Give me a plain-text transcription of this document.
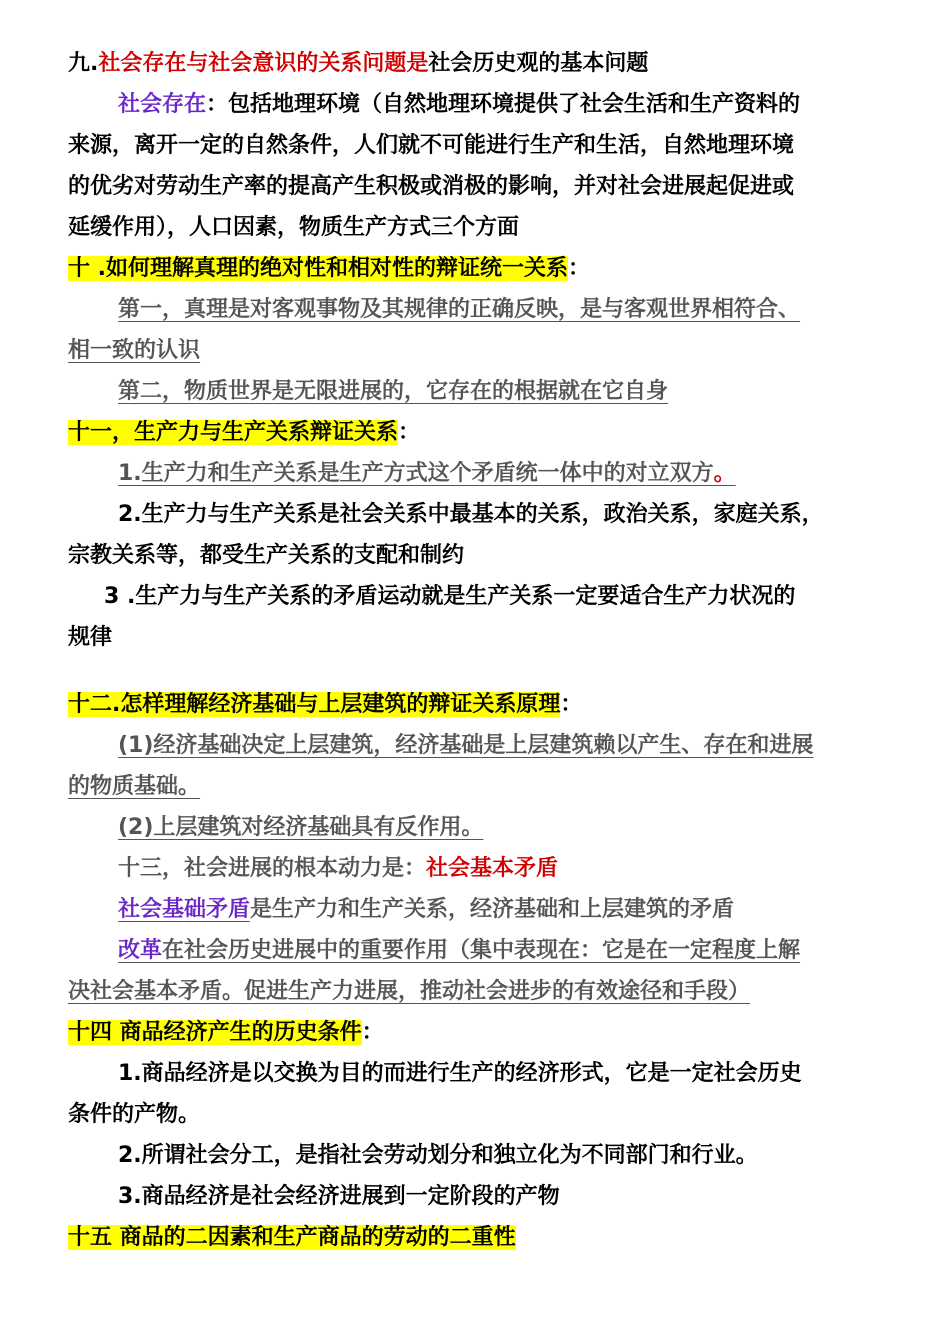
九.社会存在与社会意识的关系问题是社会历史观的基本问题
社会存在：包括地理环境（自然地理环境提供了社会生活和生产资料的
来源，离开一定的自然条件，人们就不可能进行生产和生活，自然地理环境
的优劣对劳动生产率的提高产生积极或消极的影响，并对社会进展起促进或
延缓作用），人口因素，物质生产方式三个方面
十 .如何理解真理的绝对性和相对性的辩证统一关系：
第一，真理是对客观事物及其规律的正确反映，是与客观世界相符合、
相一致的认识
第二，物质世界是无限进展的，它存在的根据就在它自身
十一，生产力与生产关系辩证关系：
1.生产力和生产关系是生产方式这个矛盾统一体中的对立双方。
2.生产力与生产关系是社会关系中最基本的关系，政治关系，家庭关系，
宗教关系等，都受生产关系的支配和制约
3 .生产力与生产关系的矛盾运动就是生产关系一定要适合生产力状况的
规律
十二.怎样理解经济基础与上层建筑的辩证关系原理：
(1)经济基础决定上层建筑，经济基础是上层建筑赖以产生、存在和进展
的物质基础。
(2)上层建筑对经济基础具有反作用。
十三，社会进展的根本动力是：社会基本矛盾
社会基础矛盾是生产力和生产关系，经济基础和上层建筑的矛盾
改革在社会历史进展中的重要作用（集中表现在：它是在一定程度上解
决社会基本矛盾。促进生产力进展，推动社会进步的有效途径和手段）
十四 商品经济产生的历史条件：
1.商品经济是以交换为目的而进行生产的经济形式，它是一定社会历史
条件的产物。
2.所谓社会分工，是指社会劳动划分和独立化为不同部门和行业。
3.商品经济是社会经济进展到一定阶段的产物
十五 商品的二因素和生产商品的劳动的二重性
